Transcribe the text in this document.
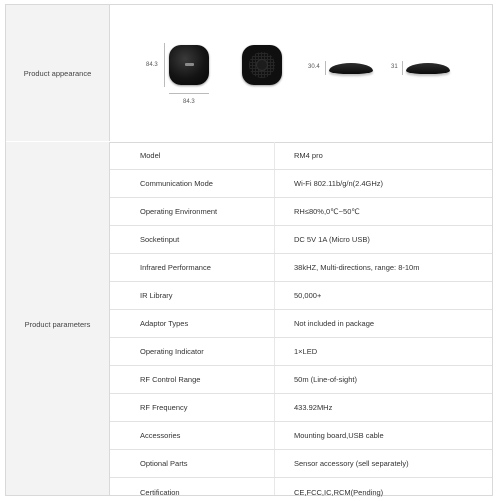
Product appearance
84.3
84.3
30.4	31
Product parameters
Model	RM4 pro
Communication Mode	Wi-Fi 802.11b/g/n(2.4GHz)
Operating Environment	RH≤80%,0℃~50℃
Socketinput	DC 5V 1A (Micro USB)
Infrared Performance	38kHZ, Multi-directions, range: 8-10m
IR Library	50,000+
Adaptor Types	Not included in package
Operating Indicator	1×LED
RF Control Range	50m (Line-of-sight)
RF Frequency	433.92MHz
Accessories	Mounting board,USB cable
Optional Parts	Sensor accessory (sell separately)
Certification	CE,FCC,IC,RCM(Pending)
